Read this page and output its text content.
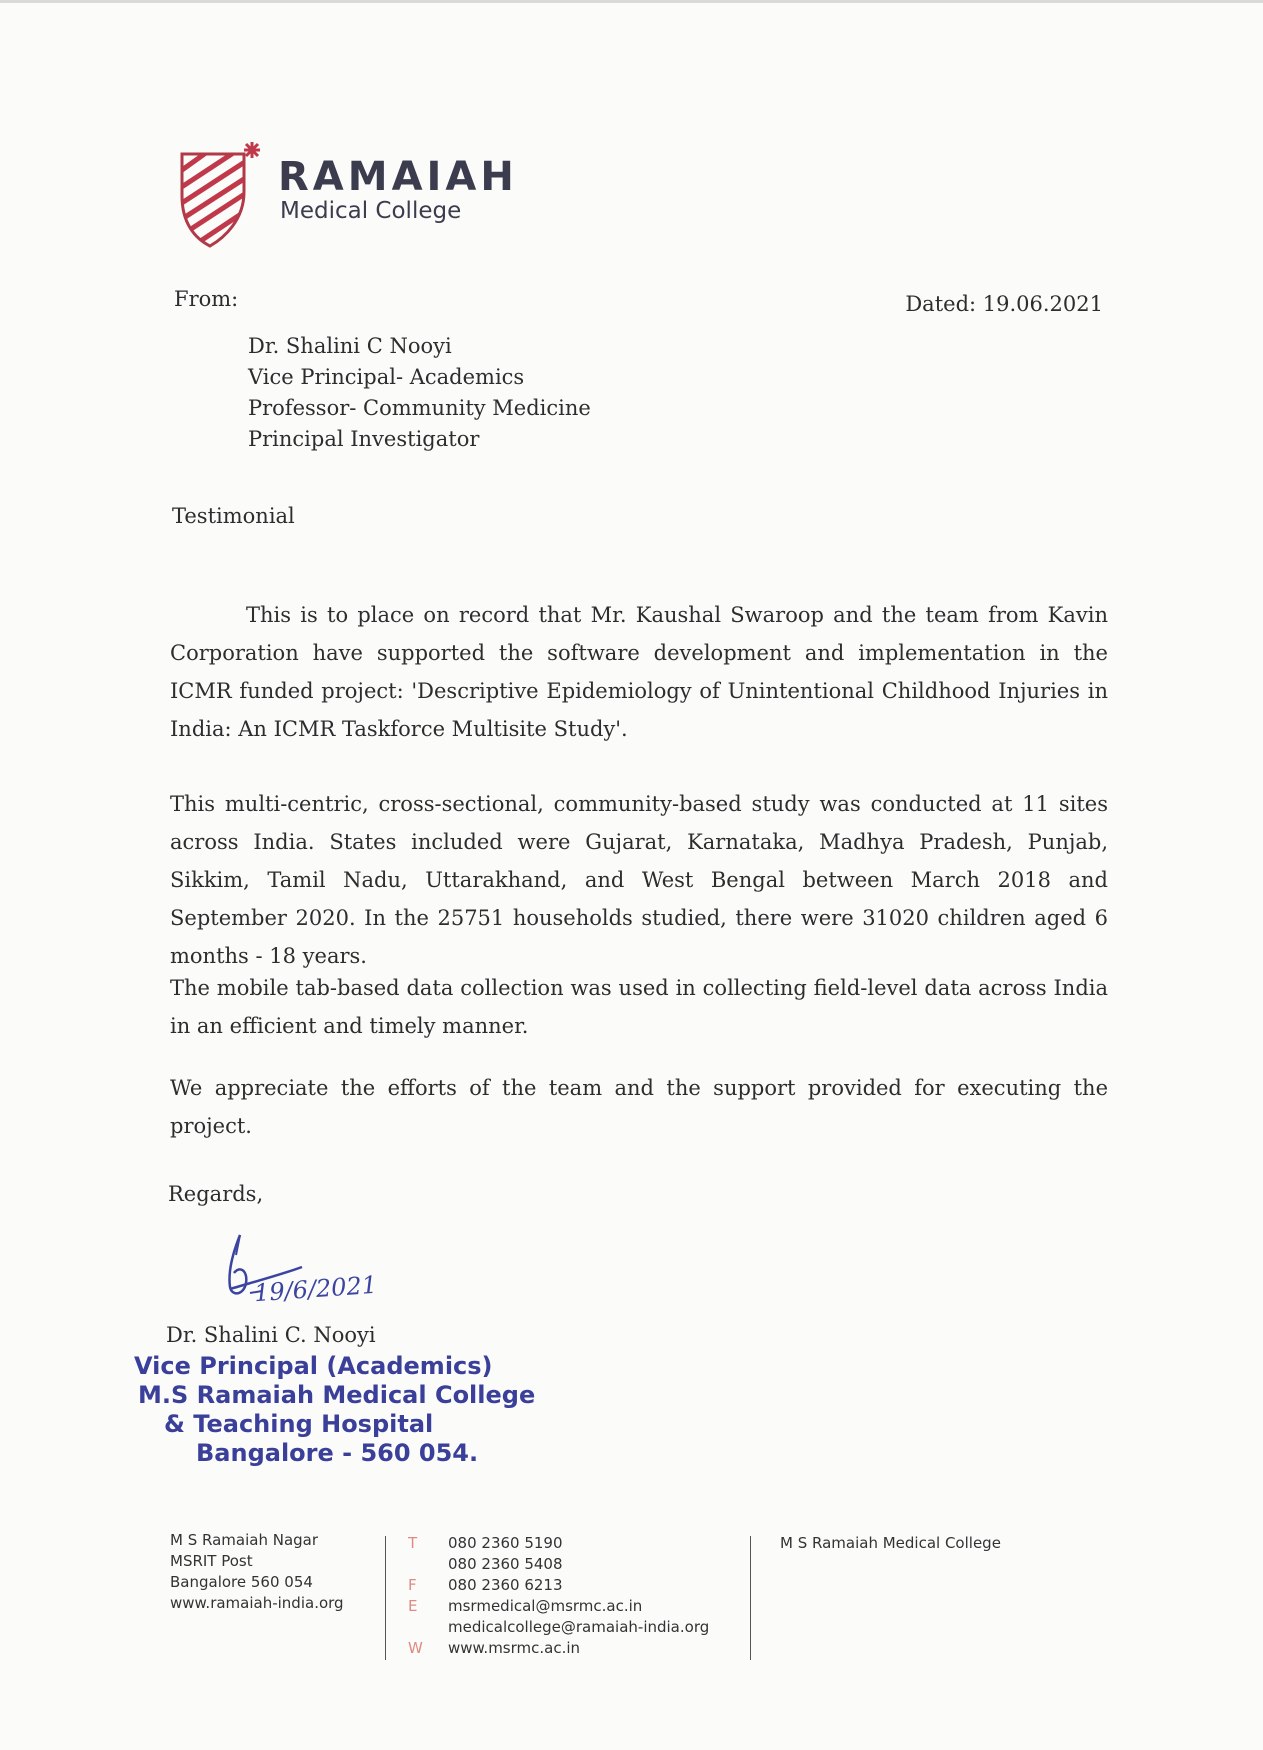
RAMAIAH
Medical College
From:	Dated: 19.06.2021
Dr. Shalini C Nooyi
Vice Principal- Academics
Professor- Community Medicine
Principal Investigator
Testimonial
This is to place on record that Mr. Kaushal Swaroop and the team from Kavin Corporation have supported the software development and implementation in the ICMR funded project: 'Descriptive Epidemiology of Unintentional Childhood Injuries in India: An ICMR Taskforce Multisite Study'.
This multi-centric, cross-sectional, community-based study was conducted at 11 sites across India. States included were Gujarat, Karnataka, Madhya Pradesh, Punjab, Sikkim, Tamil Nadu, Uttarakhand, and West Bengal between March 2018 and September 2020. In the 25751 households studied, there were 31020 children aged 6 months - 18 years.
The mobile tab-based data collection was used in collecting field-level data across India in an efficient and timely manner.
We appreciate the efforts of the team and the support provided for executing the project.
Regards,
19/6/2021
Dr. Shalini C. Nooyi
Vice Principal (Academics)
M.S Ramaiah Medical College
& Teaching Hospital
Bangalore - 560 054.
M S Ramaiah Nagar
MSRIT Post
Bangalore 560 054
www.ramaiah-india.org
T	080 2360 5190
080 2360 5408
F	080 2360 6213
E	msrmedical@msrmc.ac.in
medicalcollege@ramaiah-india.org
W	www.msrmc.ac.in
M S Ramaiah Medical College
